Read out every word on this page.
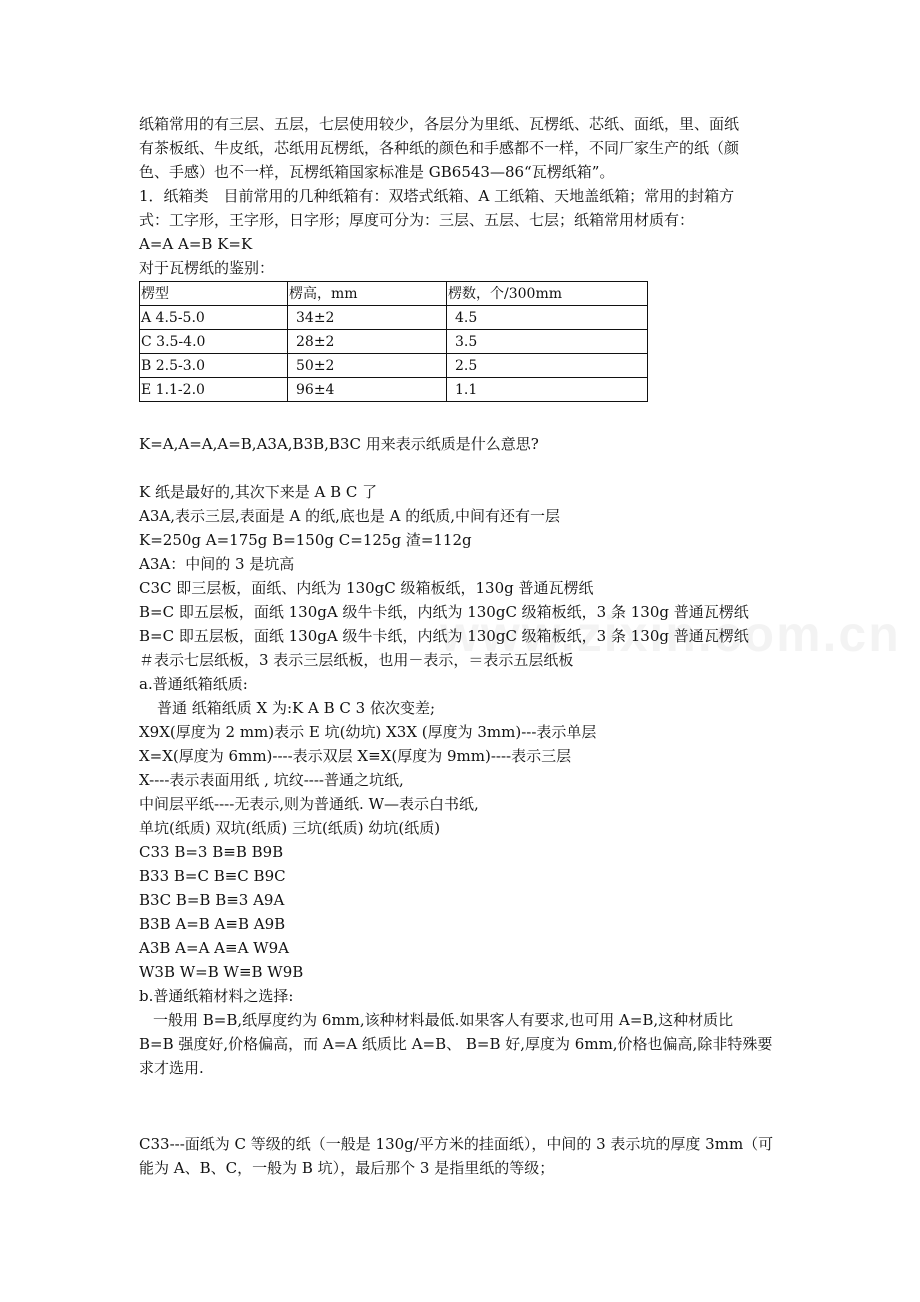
纸箱常用的有三层、五层，七层使用较少，各层分为里纸、瓦楞纸、芯纸、面纸，里、面纸
有茶板纸、牛皮纸，芯纸用瓦楞纸，各种纸的颜色和手感都不一样，不同厂家生产的纸（颜
色、手感）也不一样，瓦楞纸箱国家标准是 GB6543—86“瓦楞纸箱”。
1．纸箱类　目前常用的几种纸箱有：双塔式纸箱、A 工纸箱、天地盖纸箱；常用的封箱方
式：工字形，王字形，日字形；厚度可分为：三层、五层、七层；纸箱常用材质有：
A=A A=B K=K
对于瓦楞纸的鉴别：
楞型	楞高，mm	楞数，个/300mm
A 4.5-5.0	34±2	4.5
C 3.5-4.0	28±2	3.5
B 2.5-3.0	50±2	2.5
E 1.1-2.0	96±4	1.1
K=A,A=A,A=B,A3A,B3B,B3C 用来表示纸质是什么意思?
K 纸是最好的,其次下来是 A B C 了
A3A,表示三层,表面是 A 的纸,底也是 A 的纸质,中间有还有一层
K=250g A=175g B=150g C=125g 渣=112g
A3A：中间的 3 是坑高
C3C 即三层板，面纸、内纸为 130gC 级箱板纸，130g 普通瓦楞纸
B=C 即五层板，面纸 130gA 级牛卡纸，内纸为 130gC 级箱板纸，3 条 130g 普通瓦楞纸
B=C 即五层板，面纸 130gA 级牛卡纸，内纸为 130gC 级箱板纸，3 条 130g 普通瓦楞纸
＃表示七层纸板，3 表示三层纸板，也用－表示，＝表示五层纸板
a.普通纸箱纸质:
普通 纸箱纸质 X 为:K A B C 3 依次变差;
X9X(厚度为 2 mm)表示 E 坑(幼坑) X3X (厚度为 3mm)---表示单层
X=X(厚度为 6mm)----表示双层 X≡X(厚度为 9mm)----表示三层
X----表示表面用纸 , 坑纹----普通之坑纸,
中间层平纸----无表示,则为普通纸. W—表示白书纸,
单坑(纸质) 双坑(纸质) 三坑(纸质) 幼坑(纸质)
C33 B=3 B≡B B9B
B33 B=C B≡C B9C
B3C B=B B≡3 A9A
B3B A=B A≡B A9B
A3B A=A A≡A W9A
W3B W=B W≡B W9B
b.普通纸箱材料之选择:
一般用 B=B,纸厚度约为 6mm,该种材料最低.如果客人有要求,也可用 A=B,这种材质比
B=B 强度好,价格偏高，而 A=A 纸质比 A=B、 B=B 好,厚度为 6mm,价格也偏高,除非特殊要
求才选用.
C33---面纸为 C 等级的纸（一般是 130g/平方米的挂面纸），中间的 3 表示坑的厚度 3mm（可
能为 A、B、C，一般为 B 坑），最后那个 3 是指里纸的等级；
